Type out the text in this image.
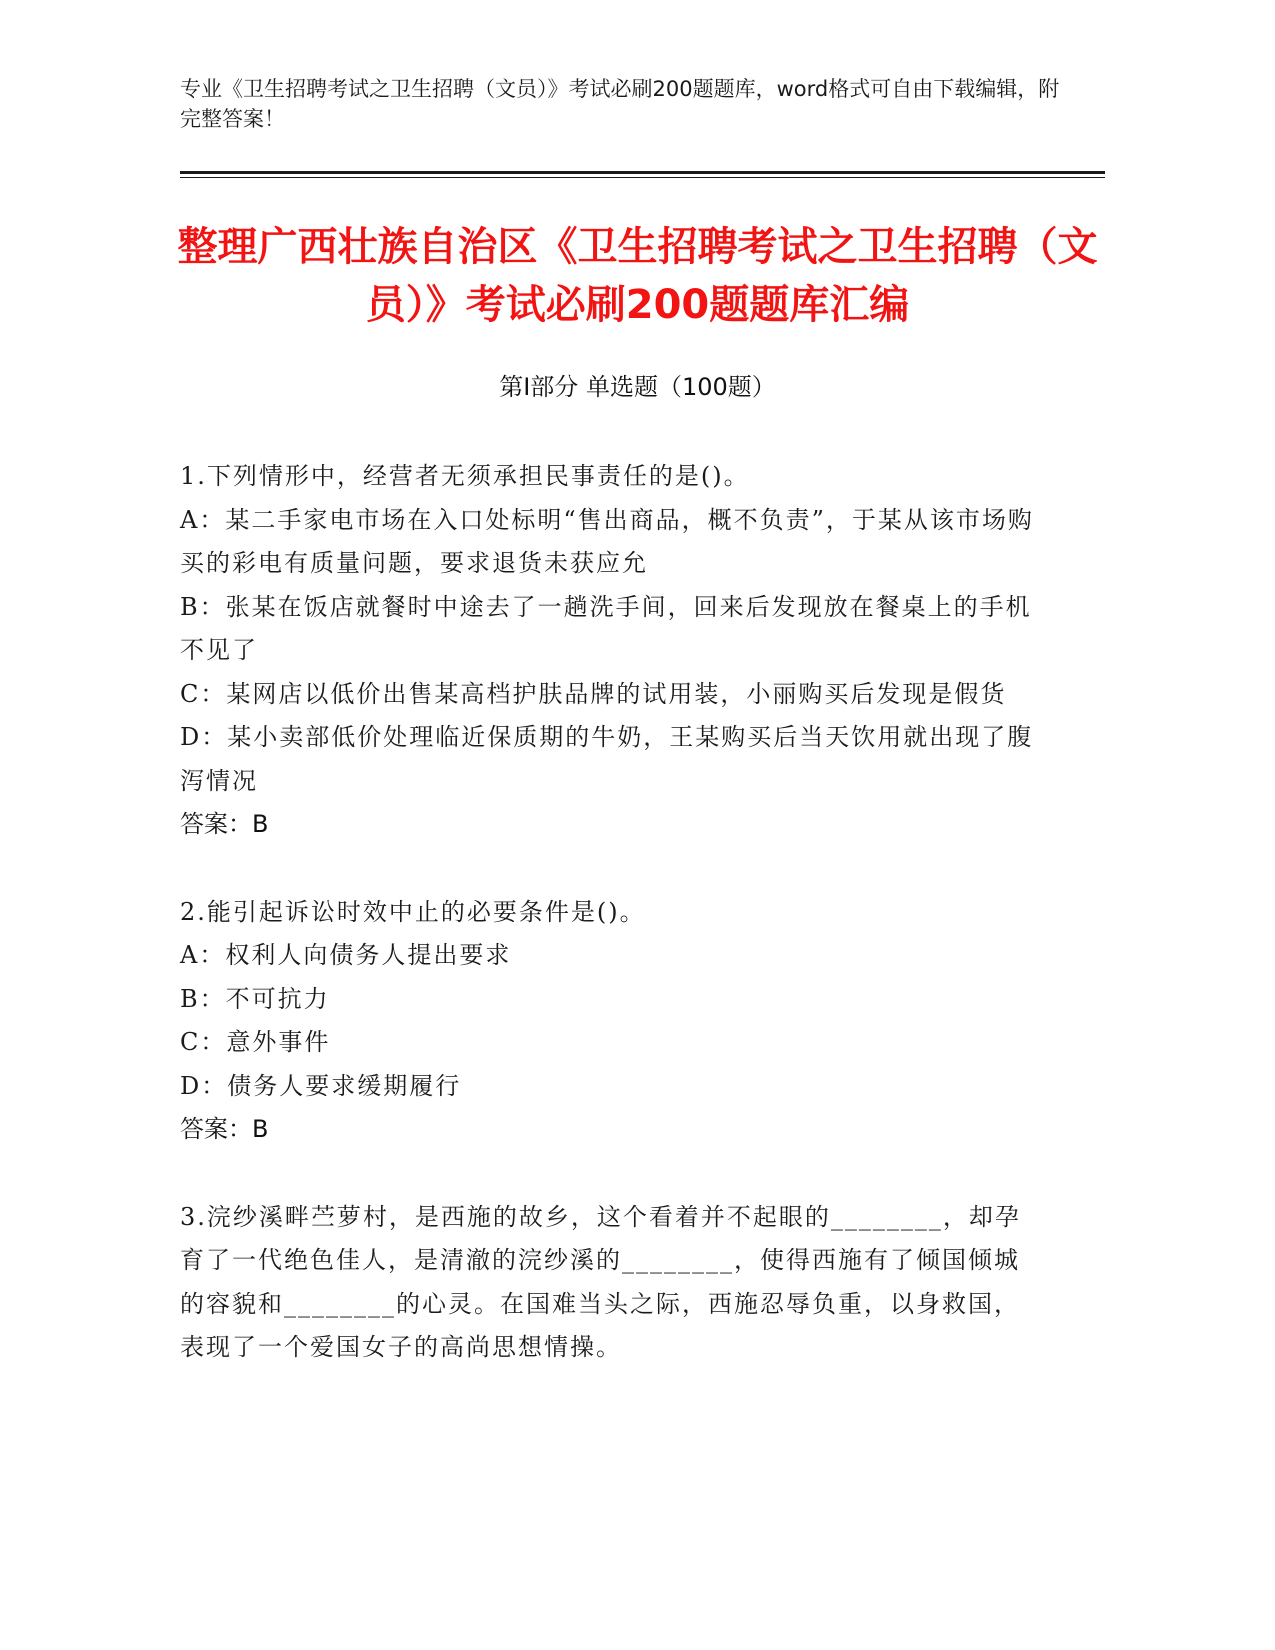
专业《卫生招聘考试之卫生招聘（文员）》考试必刷200题题库，word格式可自由下载编辑，附完整答案！
整理广西壮族自治区《卫生招聘考试之卫生招聘（文员）》考试必刷200题题库汇编
第Ⅰ部分 单选题（100题）
1.下列情形中，经营者无须承担民事责任的是()。
A：某二手家电市场在入口处标明“售出商品，概不负责”，于某从该市场购买的彩电有质量问题，要求退货未获应允
B：张某在饭店就餐时中途去了一趟洗手间，回来后发现放在餐桌上的手机不见了
C：某网店以低价出售某高档护肤品牌的试用装，小丽购买后发现是假货
D：某小卖部低价处理临近保质期的牛奶，王某购买后当天饮用就出现了腹泻情况
答案：B
2.能引起诉讼时效中止的必要条件是()。
A：权利人向债务人提出要求
B：不可抗力
C：意外事件
D：债务人要求缓期履行
答案：B
3.浣纱溪畔苎萝村，是西施的故乡，这个看着并不起眼的________，却孕育了一代绝色佳人，是清澈的浣纱溪的________，使得西施有了倾国倾城的容貌和________的心灵。在国难当头之际，西施忍辱负重，以身救国，表现了一个爱国女子的高尚思想情操。
